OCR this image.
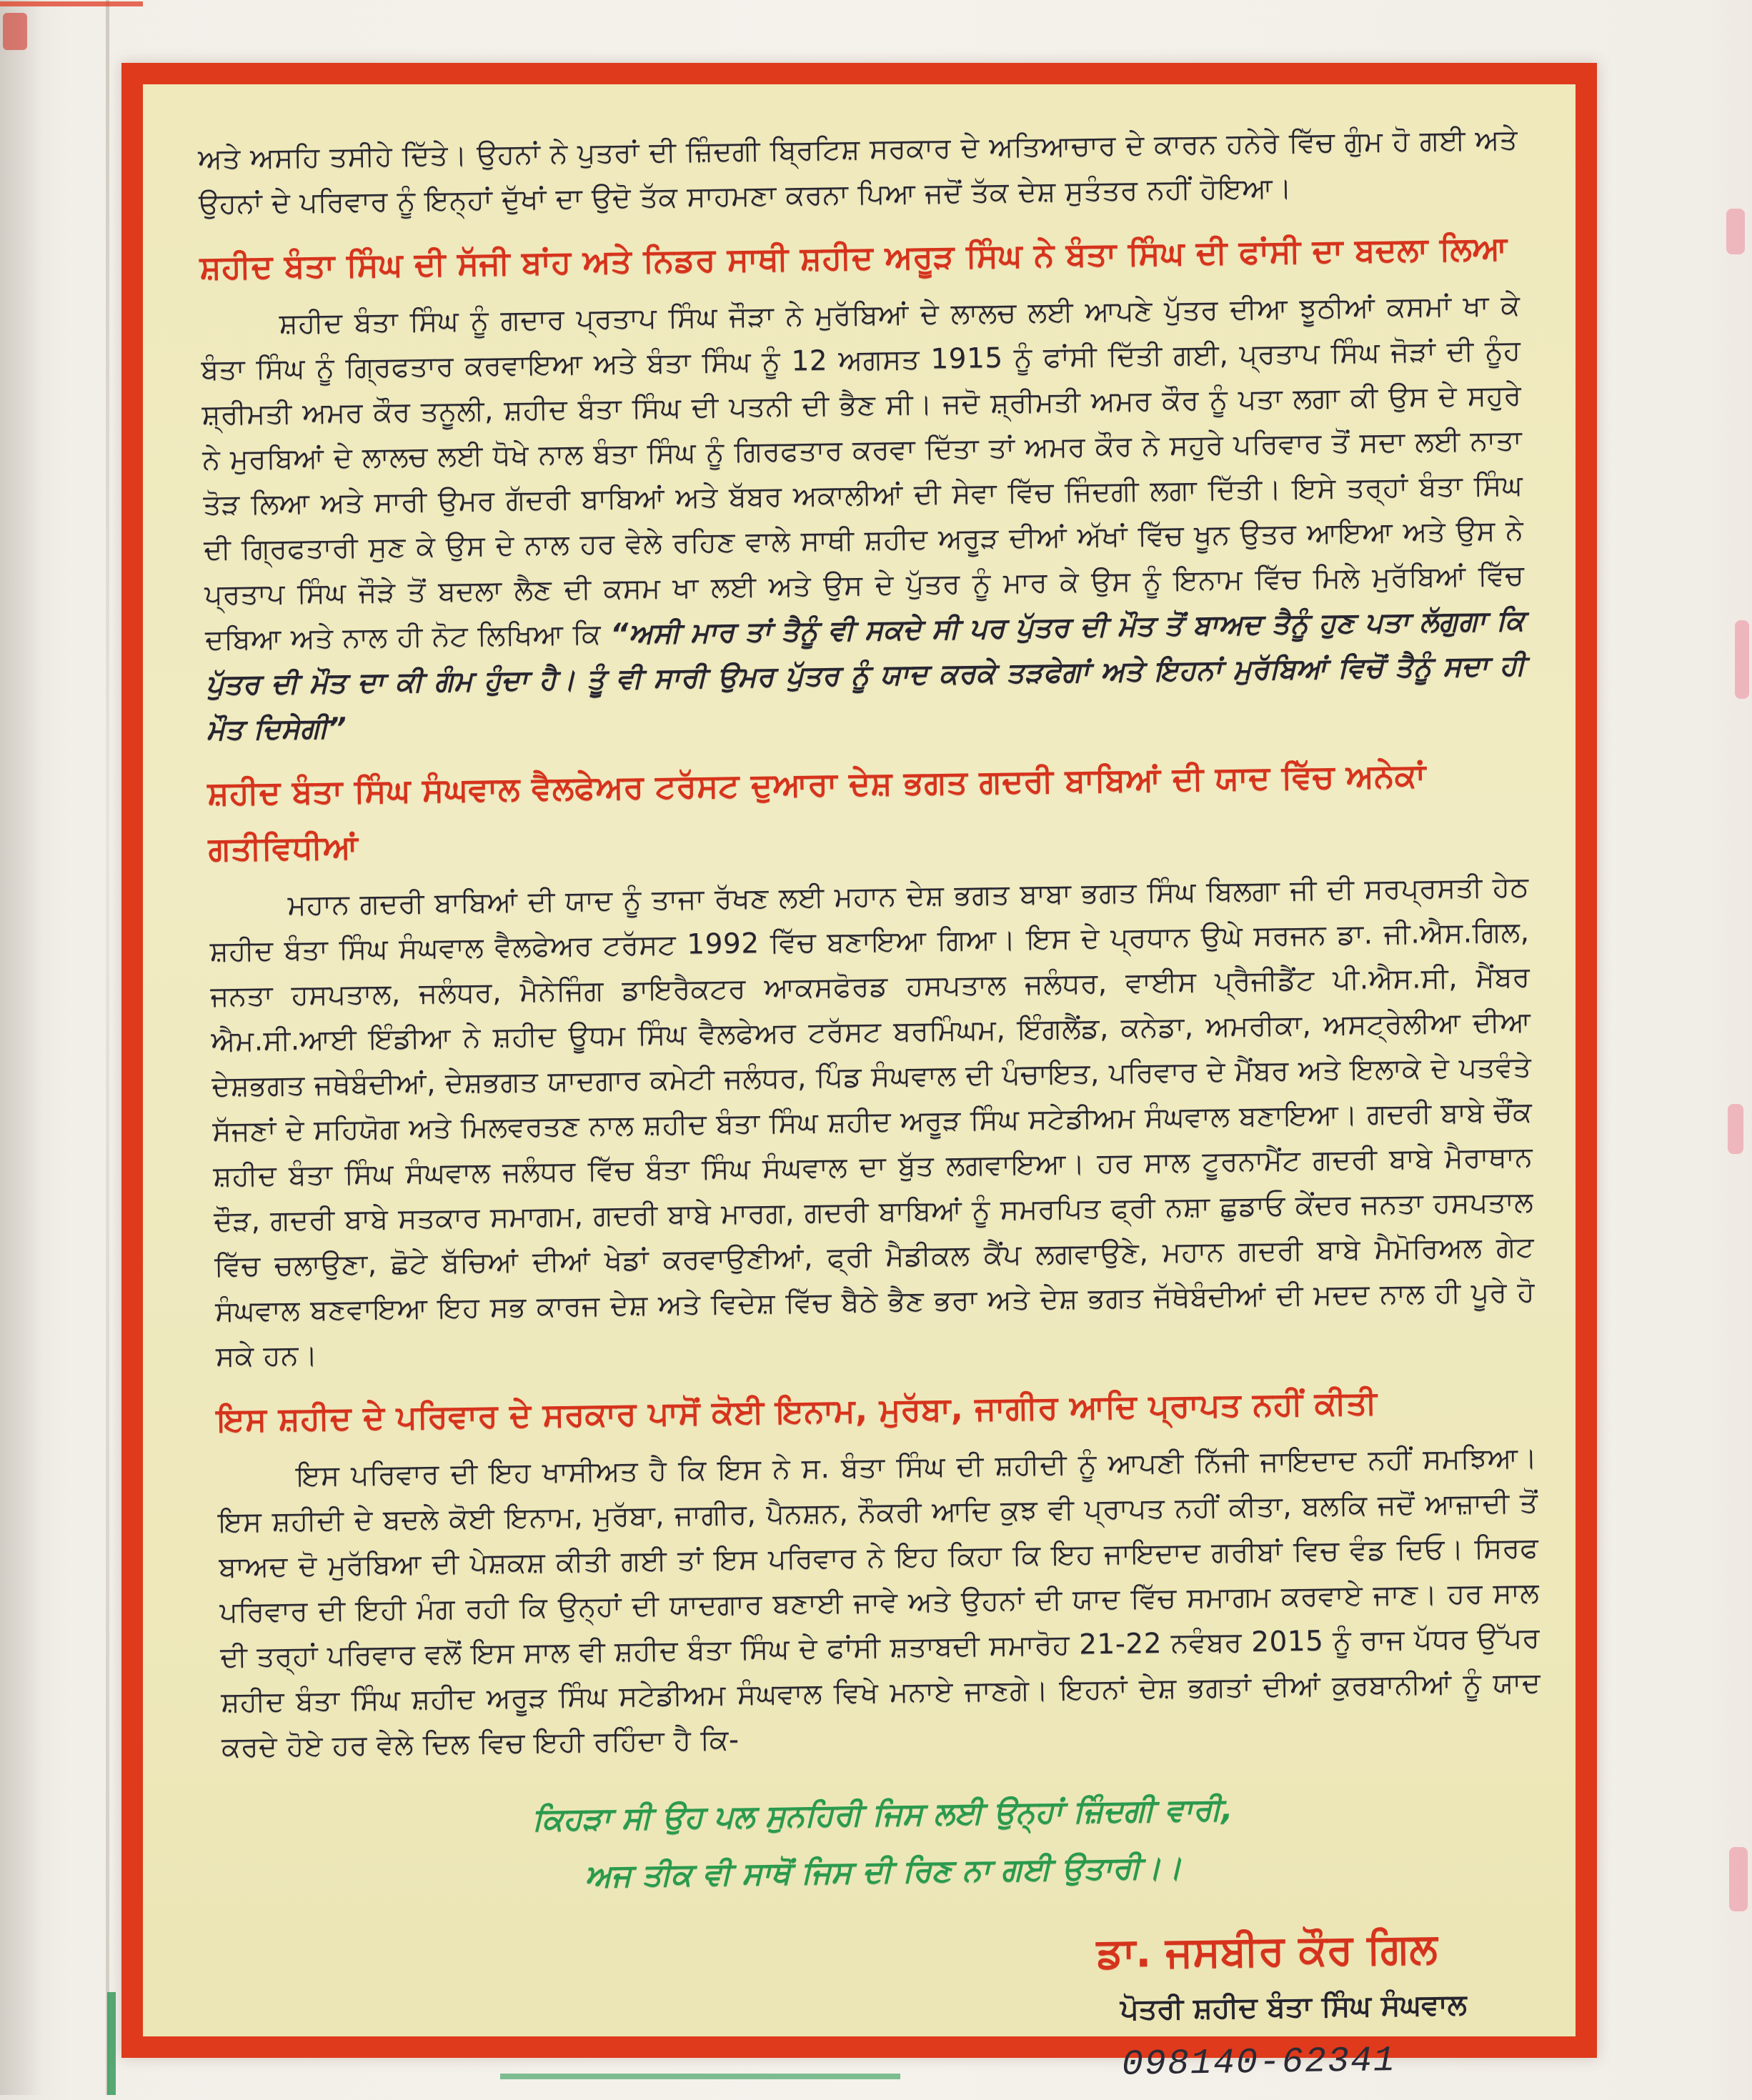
ਅਤੇ ਅਸਹਿ ਤਸੀਹੇ ਦਿੱਤੇ। ਉਹਨਾਂ ਨੇ ਪੁਤਰਾਂ ਦੀ ਜ਼ਿੰਦਗੀ ਬ੍ਰਿਟਿਸ਼ ਸਰਕਾਰ ਦੇ ਅਤਿਆਚਾਰ ਦੇ ਕਾਰਨ ਹਨੇਰੇ ਵਿੱਚ ਗੁੰਮ ਹੋ ਗਈ ਅਤੇ ਉਹਨਾਂ ਦੇ ਪਰਿਵਾਰ ਨੂੰ ਇਨ੍ਹਾਂ ਦੁੱਖਾਂ ਦਾ ਉਦੋ ਤੱਕ ਸਾਹਮਣਾ ਕਰਨਾ ਪਿਆ ਜਦੋਂ ਤੱਕ ਦੇਸ਼ ਸੁਤੰਤਰ ਨਹੀਂ ਹੋਇਆ।

ਸ਼ਹੀਦ ਬੰਤਾ ਸਿੰਘ ਦੀ ਸੱਜੀ ਬਾਂਹ ਅਤੇ ਨਿਡਰ ਸਾਥੀ ਸ਼ਹੀਦ ਅਰੂੜ ਸਿੰਘ ਨੇ ਬੰਤਾ ਸਿੰਘ ਦੀ ਫਾਂਸੀ ਦਾ ਬਦਲਾ ਲਿਆ

ਸ਼ਹੀਦ ਬੰਤਾ ਸਿੰਘ ਨੂੰ ਗਦਾਰ ਪ੍ਰਤਾਪ ਸਿੰਘ ਜੌੜਾ ਨੇ ਮੁਰੱਬਿਆਂ ਦੇ ਲਾਲਚ ਲਈ ਆਪਣੇ ਪੁੱਤਰ ਦੀਆ ਝੂਠੀਆਂ ਕਸਮਾਂ ਖਾ ਕੇ ਬੰਤਾ ਸਿੰਘ ਨੂੰ ਗ੍ਰਿਫਤਾਰ ਕਰਵਾਇਆ ਅਤੇ ਬੰਤਾ ਸਿੰਘ ਨੂੰ 12 ਅਗਸਤ 1915 ਨੂੰ ਫਾਂਸੀ ਦਿੱਤੀ ਗਈ, ਪ੍ਰਤਾਪ ਸਿੰਘ ਜੋੜਾਂ ਦੀ ਨੂੰਹ ਸ਼੍ਰੀਮਤੀ ਅਮਰ ਕੌਰ ਤਨੂਲੀ, ਸ਼ਹੀਦ ਬੰਤਾ ਸਿੰਘ ਦੀ ਪਤਨੀ ਦੀ ਭੈਣ ਸੀ। ਜਦੋ ਸ਼੍ਰੀਮਤੀ ਅਮਰ ਕੌਰ ਨੂੰ ਪਤਾ ਲਗਾ ਕੀ ਉਸ ਦੇ ਸਹੁਰੇ ਨੇ ਮੁਰਬਿਆਂ ਦੇ ਲਾਲਚ ਲਈ ਧੋਖੇ ਨਾਲ ਬੰਤਾ ਸਿੰਘ ਨੂੰ ਗਿਰਫਤਾਰ ਕਰਵਾ ਦਿੱਤਾ ਤਾਂ ਅਮਰ ਕੌਰ ਨੇ ਸਹੁਰੇ ਪਰਿਵਾਰ ਤੋਂ ਸਦਾ ਲਈ ਨਾਤਾ ਤੋੜ ਲਿਆ ਅਤੇ ਸਾਰੀ ਉਮਰ ਗੱਦਰੀ ਬਾਬਿਆਂ ਅਤੇ ਬੱਬਰ ਅਕਾਲੀਆਂ ਦੀ ਸੇਵਾ ਵਿੱਚ ਜਿੰਦਗੀ ਲਗਾ ਦਿੱਤੀ। ਇਸੇ ਤਰ੍ਹਾਂ ਬੰਤਾ ਸਿੰਘ ਦੀ ਗ੍ਰਿਫਤਾਰੀ ਸੁਣ ਕੇ ਉਸ ਦੇ ਨਾਲ ਹਰ ਵੇਲੇ ਰਹਿਣ ਵਾਲੇ ਸਾਥੀ ਸ਼ਹੀਦ ਅਰੂੜ ਦੀਆਂ ਅੱਖਾਂ ਵਿੱਚ ਖੂਨ ਉਤਰ ਆਇਆ ਅਤੇ ਉਸ ਨੇ ਪ੍ਰਤਾਪ ਸਿੰਘ ਜੌੜੇ ਤੋਂ ਬਦਲਾ ਲੈਣ ਦੀ ਕਸਮ ਖਾ ਲਈ ਅਤੇ ਉਸ ਦੇ ਪੁੱਤਰ ਨੂੰ ਮਾਰ ਕੇ ਉਸ ਨੂੰ ਇਨਾਮ ਵਿੱਚ ਮਿਲੇ ਮੁਰੱਬਿਆਂ ਵਿੱਚ ਦਬਿਆ ਅਤੇ ਨਾਲ ਹੀ ਨੋਟ ਲਿਖਿਆ ਕਿ “ਅਸੀ ਮਾਰ ਤਾਂ ਤੈਨੂੰ ਵੀ ਸਕਦੇ ਸੀ ਪਰ ਪੁੱਤਰ ਦੀ ਮੌਤ ਤੋਂ ਬਾਅਦ ਤੈਨੂੰ ਹੁਣ ਪਤਾ ਲੱਗੁਗਾ ਕਿ ਪੁੱਤਰ ਦੀ ਮੌਤ ਦਾ ਕੀ ਗੰਮ ਹੁੰਦਾ ਹੈ। ਤੂੰ ਵੀ ਸਾਰੀ ਉਮਰ ਪੁੱਤਰ ਨੂੰ ਯਾਦ ਕਰਕੇ ਤੜਫੇਗਾਂ ਅਤੇ ਇਹਨਾਂ ਮੁਰੱਬਿਆਂ ਵਿਚੋਂ ਤੈਨੂੰ ਸਦਾ ਹੀ ਮੌਤ ਦਿਸੇਗੀ”

ਸ਼ਹੀਦ ਬੰਤਾ ਸਿੰਘ ਸੰਘਵਾਲ ਵੈਲਫੇਅਰ ਟਰੱਸਟ ਦੁਆਰਾ ਦੇਸ਼ ਭਗਤ ਗਦਰੀ ਬਾਬਿਆਂ ਦੀ ਯਾਦ ਵਿੱਚ ਅਨੇਕਾਂ ਗਤੀਵਿਧੀਆਂ

ਮਹਾਨ ਗਦਰੀ ਬਾਬਿਆਂ ਦੀ ਯਾਦ ਨੂੰ ਤਾਜਾ ਰੱਖਣ ਲਈ ਮਹਾਨ ਦੇਸ਼ ਭਗਤ ਬਾਬਾ ਭਗਤ ਸਿੰਘ ਬਿਲਗਾ ਜੀ ਦੀ ਸਰਪ੍ਰਸਤੀ ਹੇਠ ਸ਼ਹੀਦ ਬੰਤਾ ਸਿੰਘ ਸੰਘਵਾਲ ਵੈਲਫੇਅਰ ਟਰੱਸਟ 1992 ਵਿੱਚ ਬਣਾਇਆ ਗਿਆ। ਇਸ ਦੇ ਪ੍ਰਧਾਨ ਉਘੇ ਸਰਜਨ ਡਾ. ਜੀ.ਐਸ.ਗਿਲ, ਜਨਤਾ ਹਸਪਤਾਲ, ਜਲੰਧਰ, ਮੈਨੇਜਿੰਗ ਡਾਇਰੈਕਟਰ ਆਕਸਫੋਰਡ ਹਸਪਤਾਲ ਜਲੰਧਰ, ਵਾਈਸ ਪ੍ਰੈਜੀਡੈਂਟ ਪੀ.ਐਸ.ਸੀ, ਮੈਂਬਰ ਐਮ.ਸੀ.ਆਈ ਇੰਡੀਆ ਨੇ ਸ਼ਹੀਦ ਊਧਮ ਸਿੰਘ ਵੈਲਫੇਅਰ ਟਰੱਸਟ ਬਰਮਿੰਘਮ, ਇੰਗਲੈਂਡ, ਕਨੇਡਾ, ਅਮਰੀਕਾ, ਅਸਟ੍ਰੇਲੀਆ ਦੀਆ ਦੇਸ਼ਭਗਤ ਜਥੇਬੰਦੀਆਂ, ਦੇਸ਼ਭਗਤ ਯਾਦਗਾਰ ਕਮੇਟੀ ਜਲੰਧਰ, ਪਿੰਡ ਸੰਘਵਾਲ ਦੀ ਪੰਚਾਇਤ, ਪਰਿਵਾਰ ਦੇ ਮੈਂਬਰ ਅਤੇ ਇਲਾਕੇ ਦੇ ਪਤਵੰਤੇ ਸੱਜਣਾਂ ਦੇ ਸਹਿਯੋਗ ਅਤੇ ਮਿਲਵਰਤਣ ਨਾਲ ਸ਼ਹੀਦ ਬੰਤਾ ਸਿੰਘ ਸ਼ਹੀਦ ਅਰੂੜ ਸਿੰਘ ਸਟੇਡੀਅਮ ਸੰਘਵਾਲ ਬਣਾਇਆ। ਗਦਰੀ ਬਾਬੇ ਚੌਂਕ ਸ਼ਹੀਦ ਬੰਤਾ ਸਿੰਘ ਸੰਘਵਾਲ ਜਲੰਧਰ ਵਿੱਚ ਬੰਤਾ ਸਿੰਘ ਸੰਘਵਾਲ ਦਾ ਬੁੱਤ ਲਗਵਾਇਆ। ਹਰ ਸਾਲ ਟੂਰਨਾਮੈਂਟ ਗਦਰੀ ਬਾਬੇ ਮੈਰਾਥਾਨ ਦੌੜ, ਗਦਰੀ ਬਾਬੇ ਸਤਕਾਰ ਸਮਾਗਮ, ਗਦਰੀ ਬਾਬੇ ਮਾਰਗ, ਗਦਰੀ ਬਾਬਿਆਂ ਨੂੰ ਸਮਰਪਿਤ ਫ੍ਰੀ ਨਸ਼ਾ ਛੁਡਾਓ ਕੇਂਦਰ ਜਨਤਾ ਹਸਪਤਾਲ ਵਿੱਚ ਚਲਾਉਣਾ, ਛੋਟੇ ਬੱਚਿਆਂ ਦੀਆਂ ਖੇਡਾਂ ਕਰਵਾਉਣੀਆਂ, ਫ੍ਰੀ ਮੈਡੀਕਲ ਕੈਂਪ ਲਗਵਾਉਣੇ, ਮਹਾਨ ਗਦਰੀ ਬਾਬੇ ਮੈਮੋਰਿਅਲ ਗੇਟ ਸੰਘਵਾਲ ਬਣਵਾਇਆ ਇਹ ਸਭ ਕਾਰਜ ਦੇਸ਼ ਅਤੇ ਵਿਦੇਸ਼ ਵਿੱਚ ਬੈਠੇ ਭੈਣ ਭਰਾ ਅਤੇ ਦੇਸ਼ ਭਗਤ ਜੱਥੇਬੰਦੀਆਂ ਦੀ ਮਦਦ ਨਾਲ ਹੀ ਪੂਰੇ ਹੋ ਸਕੇ ਹਨ।

ਇਸ ਸ਼ਹੀਦ ਦੇ ਪਰਿਵਾਰ ਦੇ ਸਰਕਾਰ ਪਾਸੋਂ ਕੋਈ ਇਨਾਮ, ਮੁਰੱਬਾ, ਜਾਗੀਰ ਆਦਿ ਪ੍ਰਾਪਤ ਨਹੀਂ ਕੀਤੀ

ਇਸ ਪਰਿਵਾਰ ਦੀ ਇਹ ਖਾਸੀਅਤ ਹੈ ਕਿ ਇਸ ਨੇ ਸ. ਬੰਤਾ ਸਿੰਘ ਦੀ ਸ਼ਹੀਦੀ ਨੂੰ ਆਪਣੀ ਨਿੱਜੀ ਜਾਇਦਾਦ ਨਹੀਂ ਸਮਝਿਆ। ਇਸ ਸ਼ਹੀਦੀ ਦੇ ਬਦਲੇ ਕੋਈ ਇਨਾਮ, ਮੁਰੱਬਾ, ਜਾਗੀਰ, ਪੈਨਸ਼ਨ, ਨੌਕਰੀ ਆਦਿ ਕੁਝ ਵੀ ਪ੍ਰਾਪਤ ਨਹੀਂ ਕੀਤਾ, ਬਲਕਿ ਜਦੋਂ ਆਜ਼ਾਦੀ ਤੋਂ ਬਾਅਦ ਦੋ ਮੁਰੱਬਿਆ ਦੀ ਪੇਸ਼ਕਸ਼ ਕੀਤੀ ਗਈ ਤਾਂ ਇਸ ਪਰਿਵਾਰ ਨੇ ਇਹ ਕਿਹਾ ਕਿ ਇਹ ਜਾਇਦਾਦ ਗਰੀਬਾਂ ਵਿਚ ਵੰਡ ਦਿਓ। ਸਿਰਫ ਪਰਿਵਾਰ ਦੀ ਇਹੀ ਮੰਗ ਰਹੀ ਕਿ ਉਨ੍ਹਾਂ ਦੀ ਯਾਦਗਾਰ ਬਣਾਈ ਜਾਵੇ ਅਤੇ ਉਹਨਾਂ ਦੀ ਯਾਦ ਵਿੱਚ ਸਮਾਗਮ ਕਰਵਾਏ ਜਾਣ। ਹਰ ਸਾਲ ਦੀ ਤਰ੍ਹਾਂ ਪਰਿਵਾਰ ਵਲੋਂ ਇਸ ਸਾਲ ਵੀ ਸ਼ਹੀਦ ਬੰਤਾ ਸਿੰਘ ਦੇ ਫਾਂਸੀ ਸ਼ਤਾਬਦੀ ਸਮਾਰੋਹ 21-22 ਨਵੰਬਰ 2015 ਨੂੰ ਰਾਜ ਪੱਧਰ ਉੱਪਰ ਸ਼ਹੀਦ ਬੰਤਾ ਸਿੰਘ ਸ਼ਹੀਦ ਅਰੂੜ ਸਿੰਘ ਸਟੇਡੀਅਮ ਸੰਘਵਾਲ ਵਿਖੇ ਮਨਾਏ ਜਾਣਗੇ। ਇਹਨਾਂ ਦੇਸ਼ ਭਗਤਾਂ ਦੀਆਂ ਕੁਰਬਾਨੀਆਂ ਨੂੰ ਯਾਦ ਕਰਦੇ ਹੋਏ ਹਰ ਵੇਲੇ ਦਿਲ ਵਿਚ ਇਹੀ ਰਹਿੰਦਾ ਹੈ ਕਿ-

ਕਿਹੜਾ ਸੀ ਉਹ ਪਲ ਸੁਨਹਿਰੀ ਜਿਸ ਲਈ ਉਨ੍ਹਾਂ ਜ਼ਿੰਦਗੀ ਵਾਰੀ,
ਅਜ ਤੀਕ ਵੀ ਸਾਥੋਂ ਜਿਸ ਦੀ ਰਿਣ ਨਾ ਗਈ ਉਤਾਰੀ।।
ਡਾ. ਜਸਬੀਰ ਕੌਰ ਗਿਲ
ਪੋਤਰੀ ਸ਼ਹੀਦ ਬੰਤਾ ਸਿੰਘ ਸੰਘਵਾਲ
098140-62341
